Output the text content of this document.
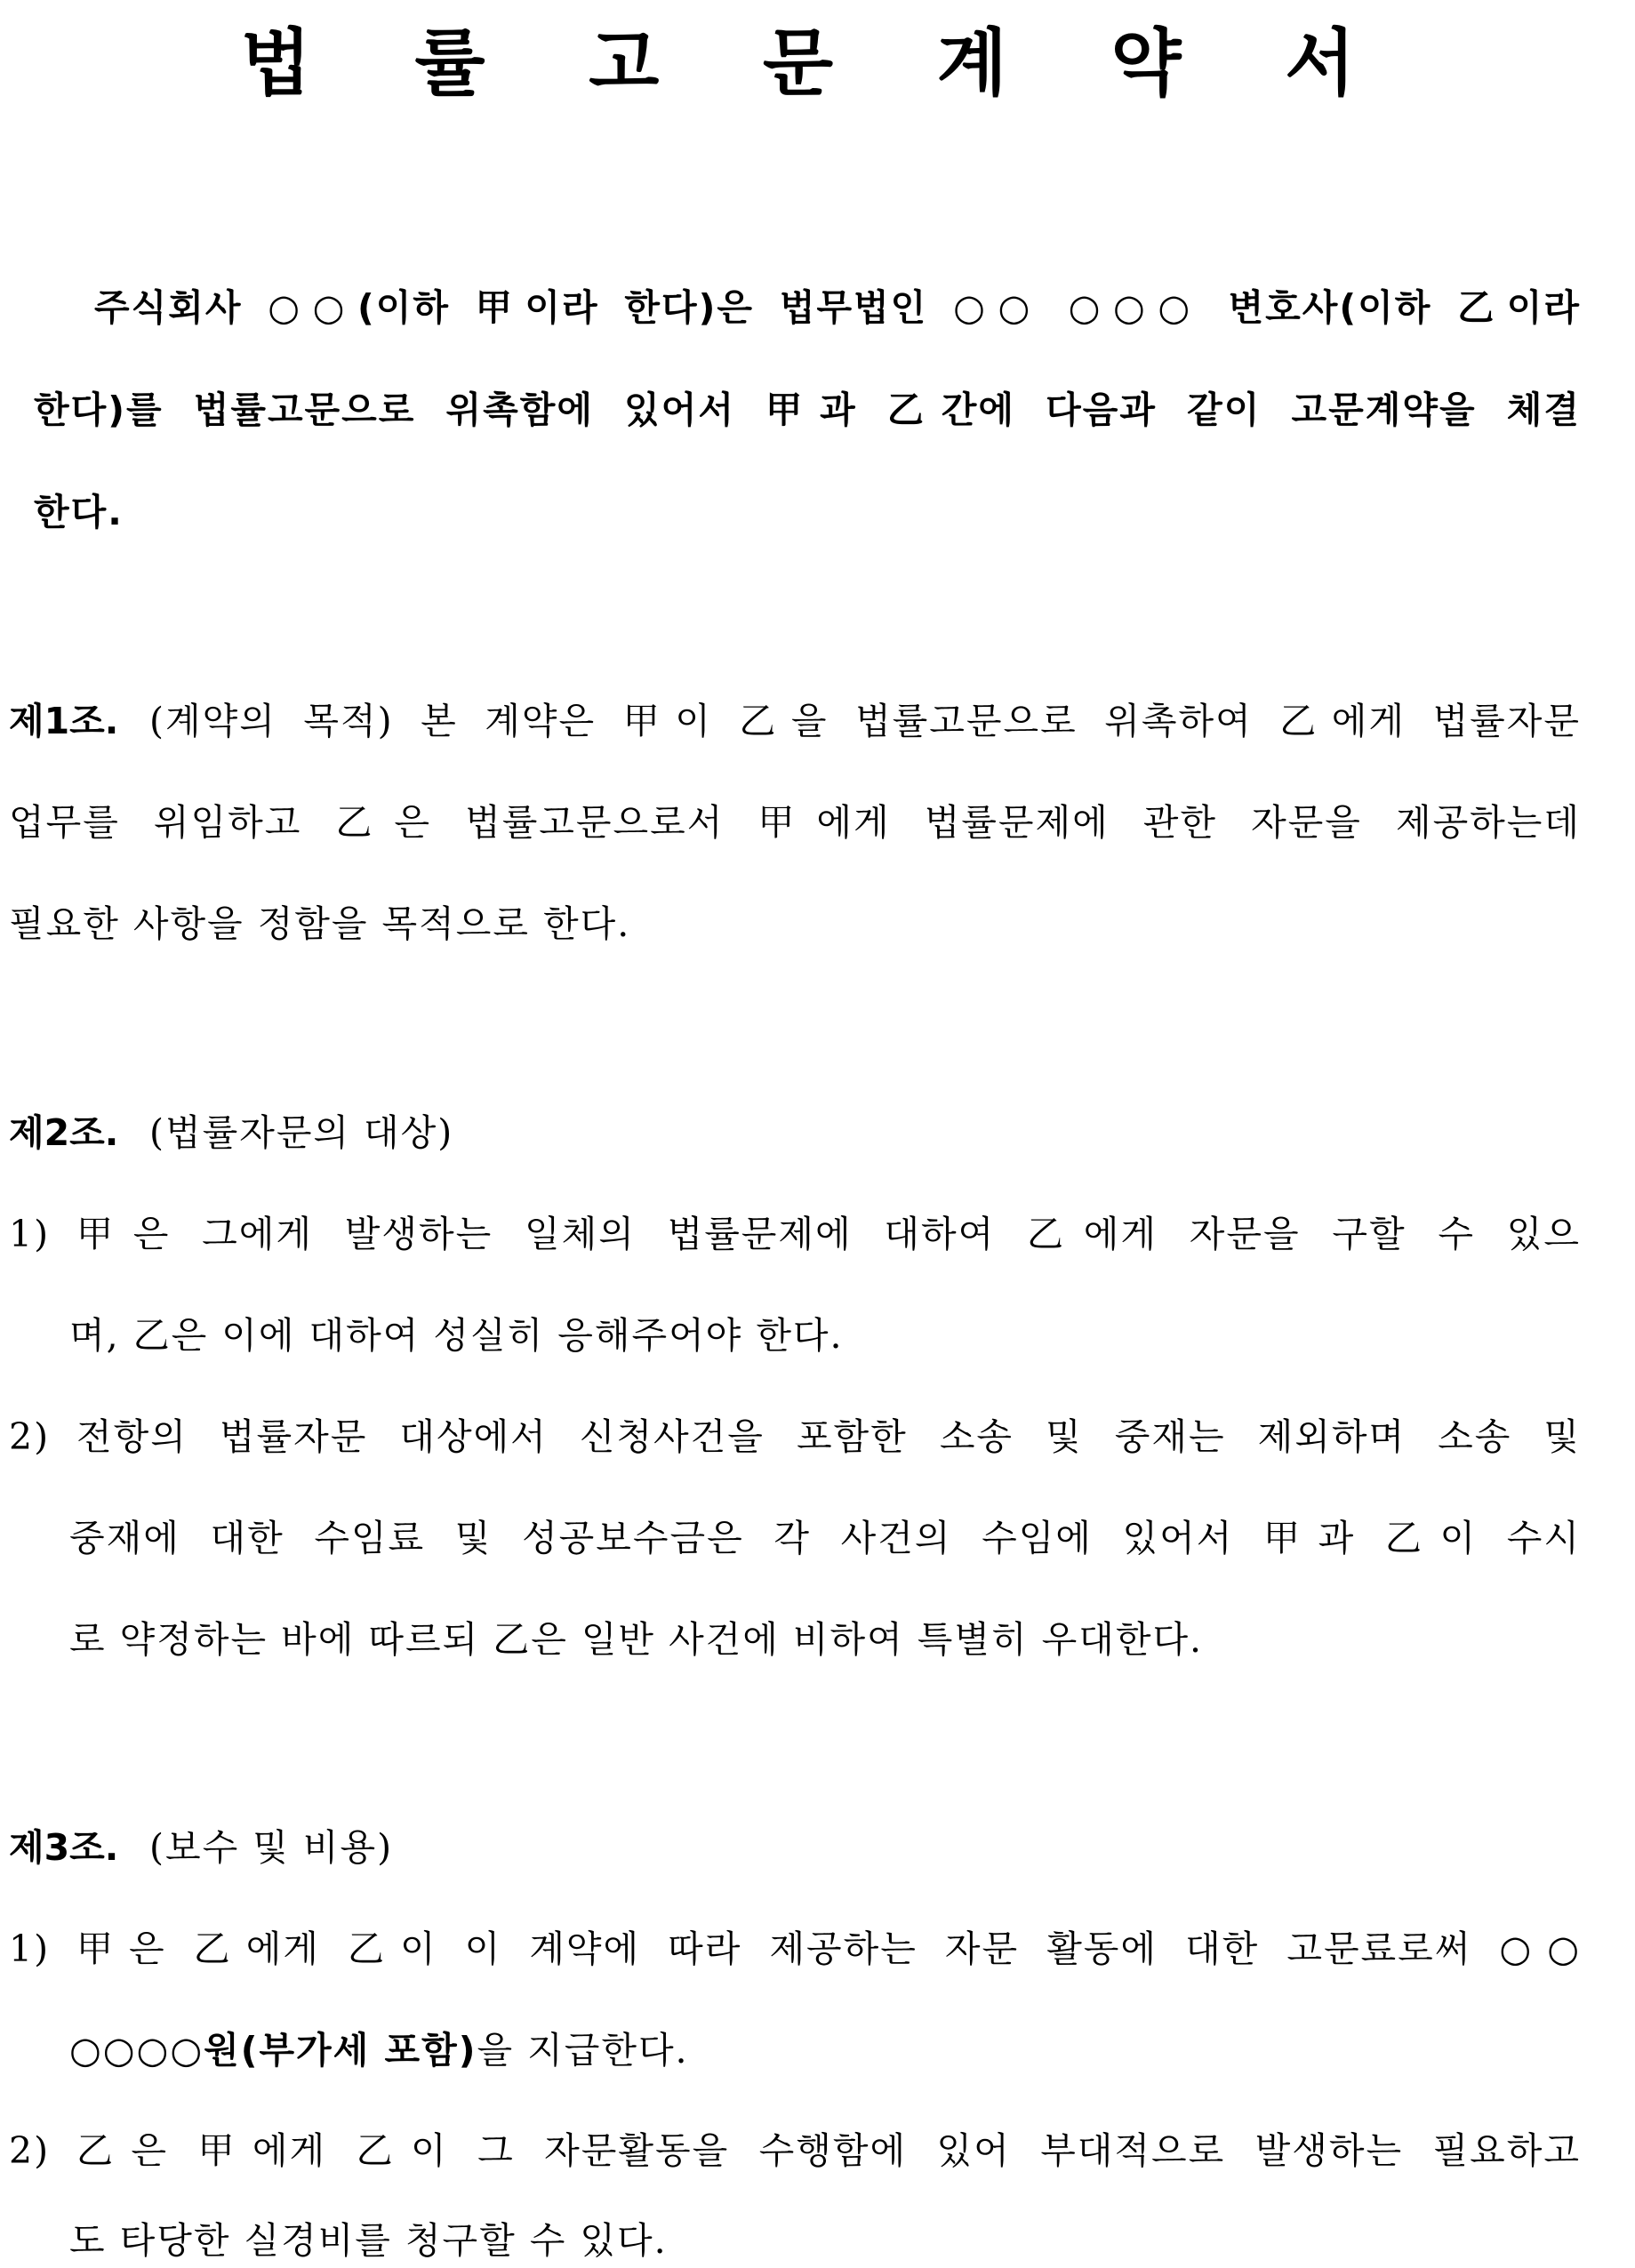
법 률 고 문 계 약 서
주식회사 ○○(이하 甲이라 한다)은 법무법인 ○○ ○○○ 변호사(이하 乙이라
한다)를 법률고문으로 위촉함에 있어서 甲과 乙간에 다음과 같이 고문계약을 체결
한다.
제1조. (계약의 목적) 본 계약은 甲이 乙을 법률고문으로 위촉하여 乙에게 법률자문
업무를 위임하고 乙은 법률고문으로서 甲에게 법률문제에 관한 자문을 제공하는데
필요한 사항을 정함을 목적으로 한다.
제2조. (법률자문의 대상)
1) 甲은 그에게 발생하는 일체의 법률문제에 대하여 乙에게 자문을 구할 수 있으
며, 乙은 이에 대하여 성실히 응해주어야 한다.
2) 전항의 법률자문 대상에서 신청사건을 포함한 소송 및 중재는 제외하며 소송 및
중재에 대한 수임료 및 성공보수금은 각 사건의 수임에 있어서 甲과 乙이 수시
로 약정하는 바에 따르되 乙은 일반 사건에 비하여 특별히 우대한다.
제3조. (보수 및 비용)
1) 甲은 乙에게 乙이 이 계약에 따라 제공하는 자문 활동에 대한 고문료로써 ○○
○○○○원(부가세 포함)을 지급한다.
2) 乙은 甲에게 乙이 그 자문활동을 수행함에 있어 부대적으로 발생하는 필요하고
도 타당한 실경비를 청구할 수 있다.
